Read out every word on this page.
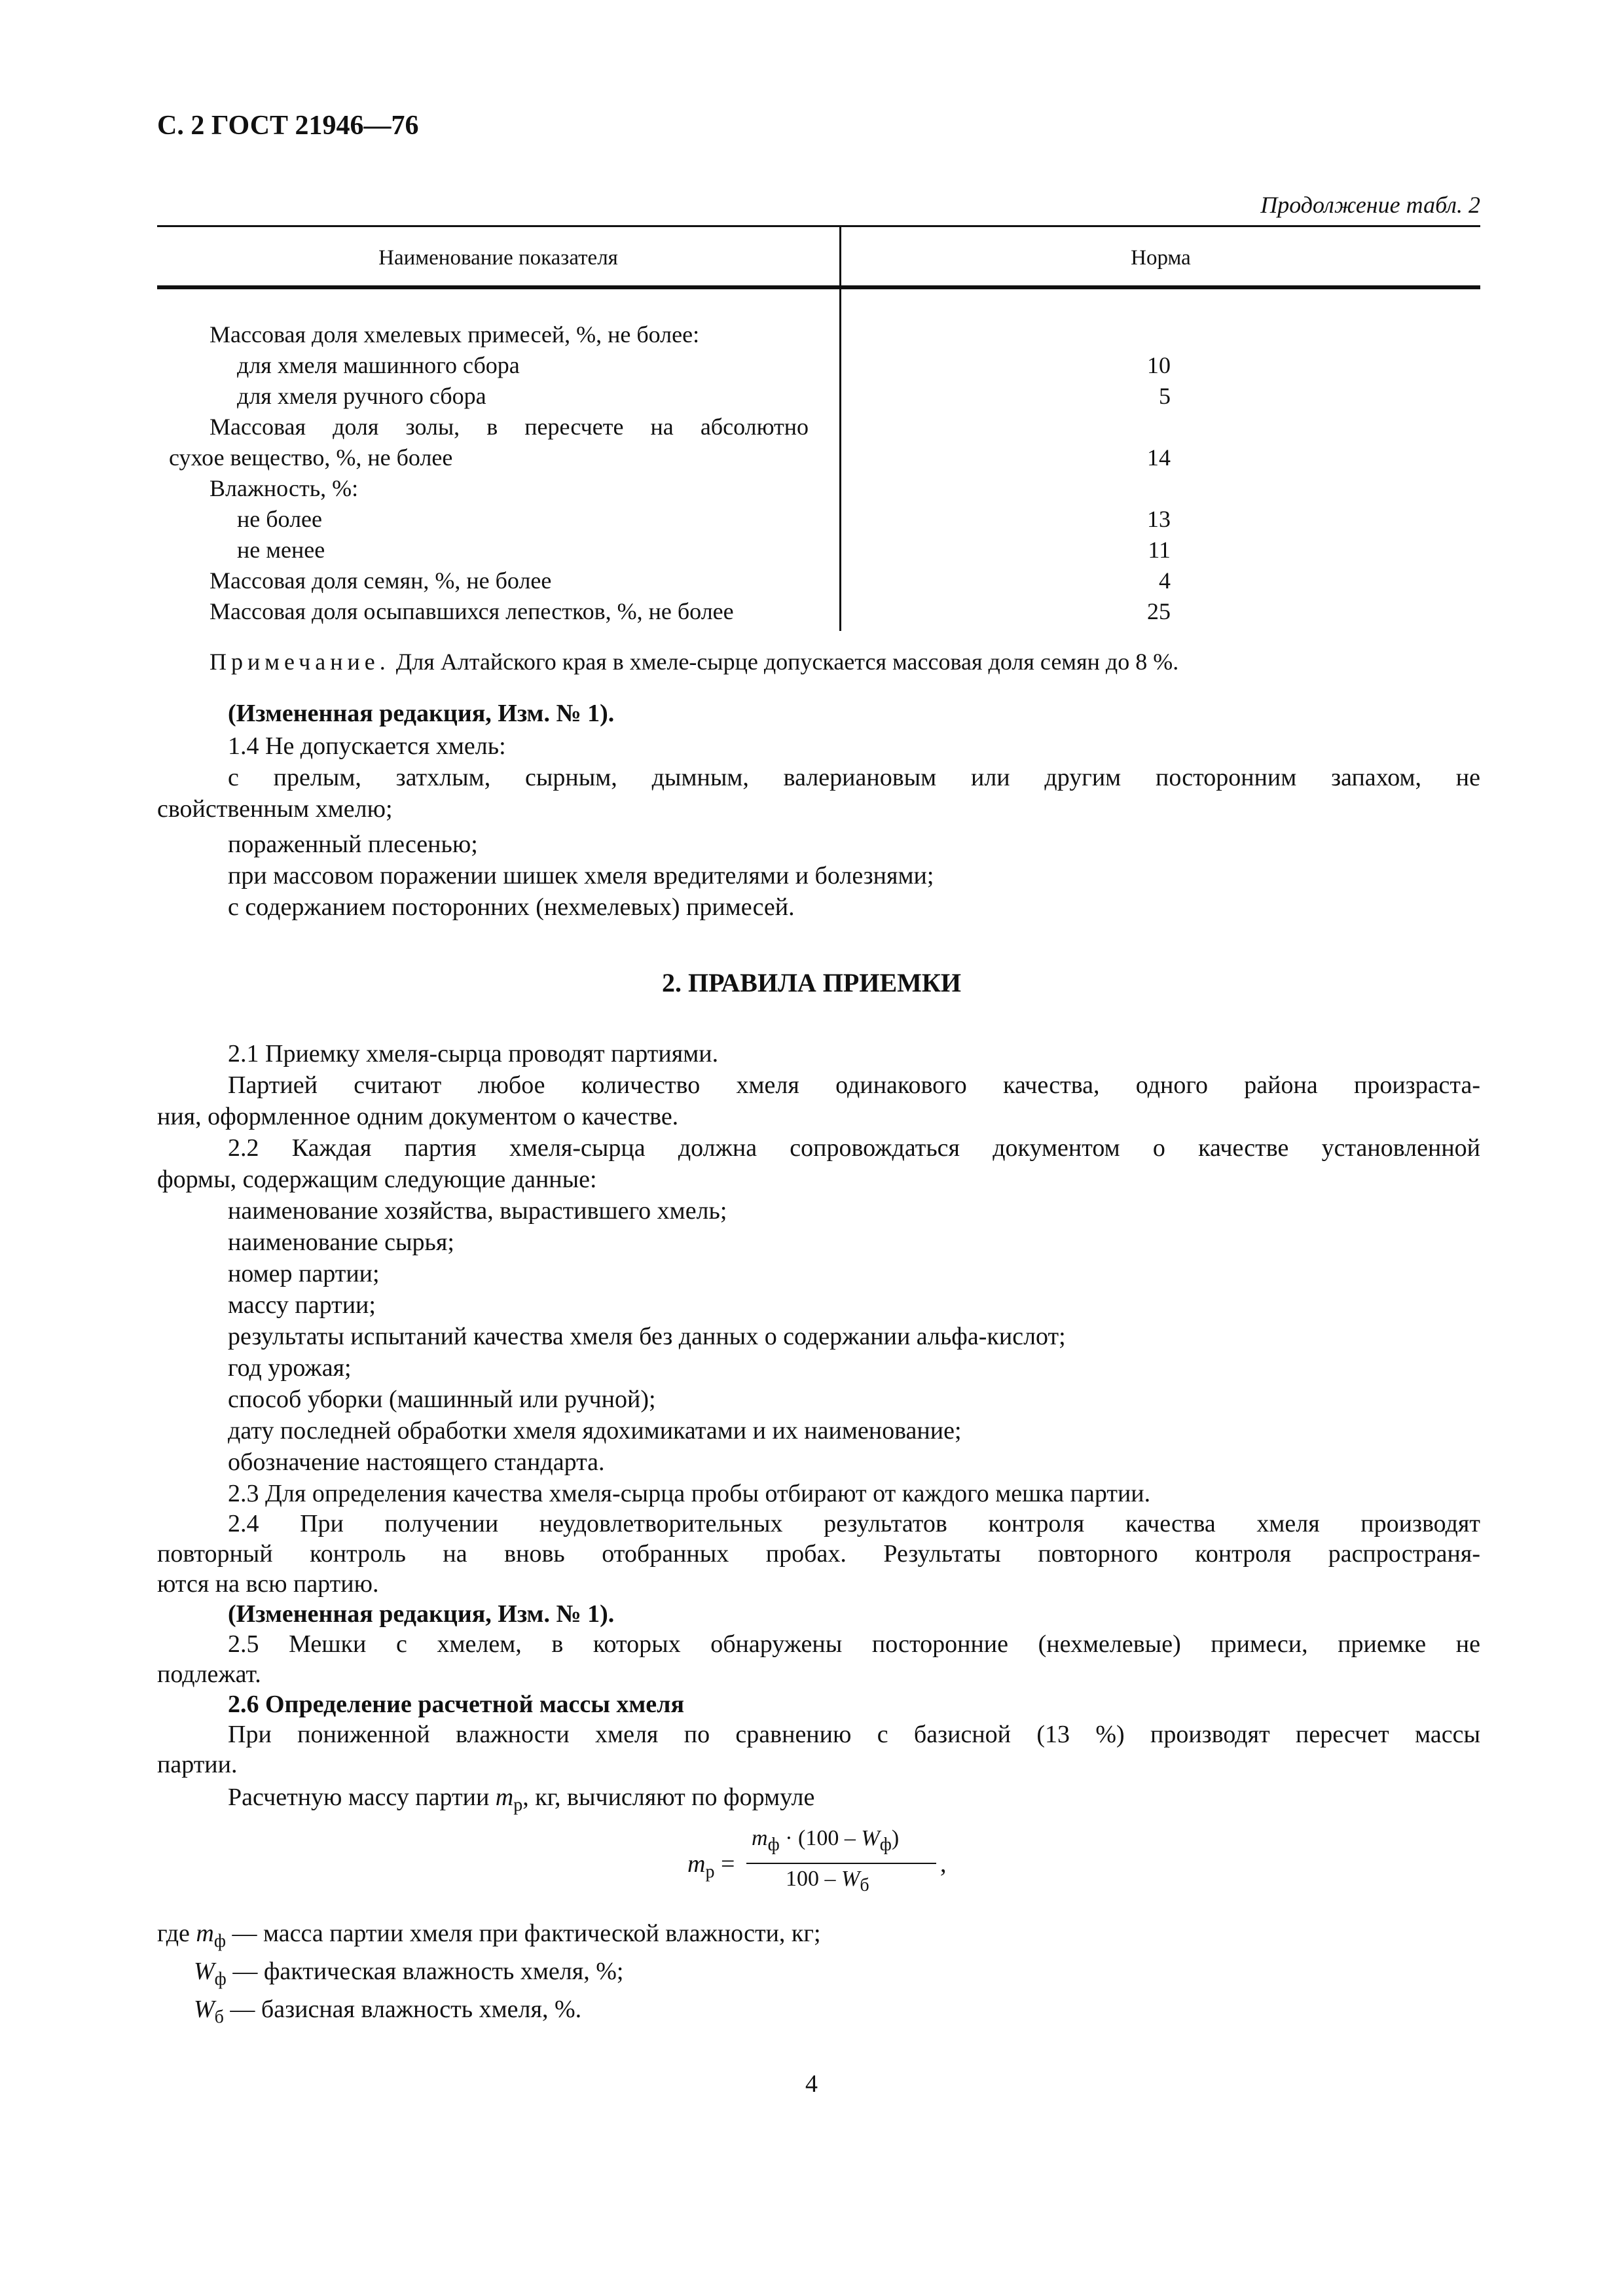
С. 2 ГОСТ 21946—76
Продолжение табл. 2
Наименование показателя	Норма
Массовая доля хмелевых примесей, %, не более:
для хмеля машинного сбора	10
для хмеля ручного сбора	5
Массовая доля золы, в пересчете на абсолютно
сухое вещество, %, не более	14
Влажность, %:
не более	13
не менее	11
Массовая доля семян, %, не более	4
Массовая доля осыпавшихся лепестков, %, не более	25
Примечание. Для Алтайского края в хмеле-сырце допускается массовая доля семян до 8 %.
(Измененная редакция, Изм. № 1).
1.4 Не допускается хмель:
с прелым, затхлым, сырным, дымным, валериановым или другим посторонним запахом, не
свойственным хмелю;
пораженный плесенью;
при массовом поражении шишек хмеля вредителями и болезнями;
с содержанием посторонних (нехмелевых) примесей.
2. ПРАВИЛА ПРИЕМКИ
2.1 Приемку хмеля-сырца проводят партиями.
Партией считают любое количество хмеля одинакового качества, одного района произраста-
ния, оформленное одним документом о качестве.
2.2 Каждая партия хмеля-сырца должна сопровождаться документом о качестве установленной
формы, содержащим следующие данные:
наименование хозяйства, вырастившего хмель;
наименование сырья;
номер партии;
массу партии;
результаты испытаний качества хмеля без данных о содержании альфа-кислот;
год урожая;
способ уборки (машинный или ручной);
дату последней обработки хмеля ядохимикатами и их наименование;
обозначение настоящего стандарта.
2.3 Для определения качества хмеля-сырца пробы отбирают от каждого мешка партии.
2.4 При получении неудовлетворительных результатов контроля качества хмеля производят
повторный контроль на вновь отобранных пробах. Результаты повторного контроля распространя-
ются на всю партию.
(Измененная редакция, Изм. № 1).
2.5 Мешки с хмелем, в которых обнаружены посторонние (нехмелевые) примеси, приемке не
подлежат.
2.6 Определение расчетной массы хмеля
При пониженной влажности хмеля по сравнению с базисной (13 %) производят пересчет массы
партии.
Расчетную массу партии $m_р$, кг, вычисляют по формуле
$m_р$ =
$m_ф \cdot (100 - W_ф)$
$100 - W_б$
,
где $m_ф$ — масса партии хмеля при фактической влажности, кг;
$W_ф$ — фактическая влажность хмеля, %;
$W_б$ — базисная влажность хмеля, %.
4
